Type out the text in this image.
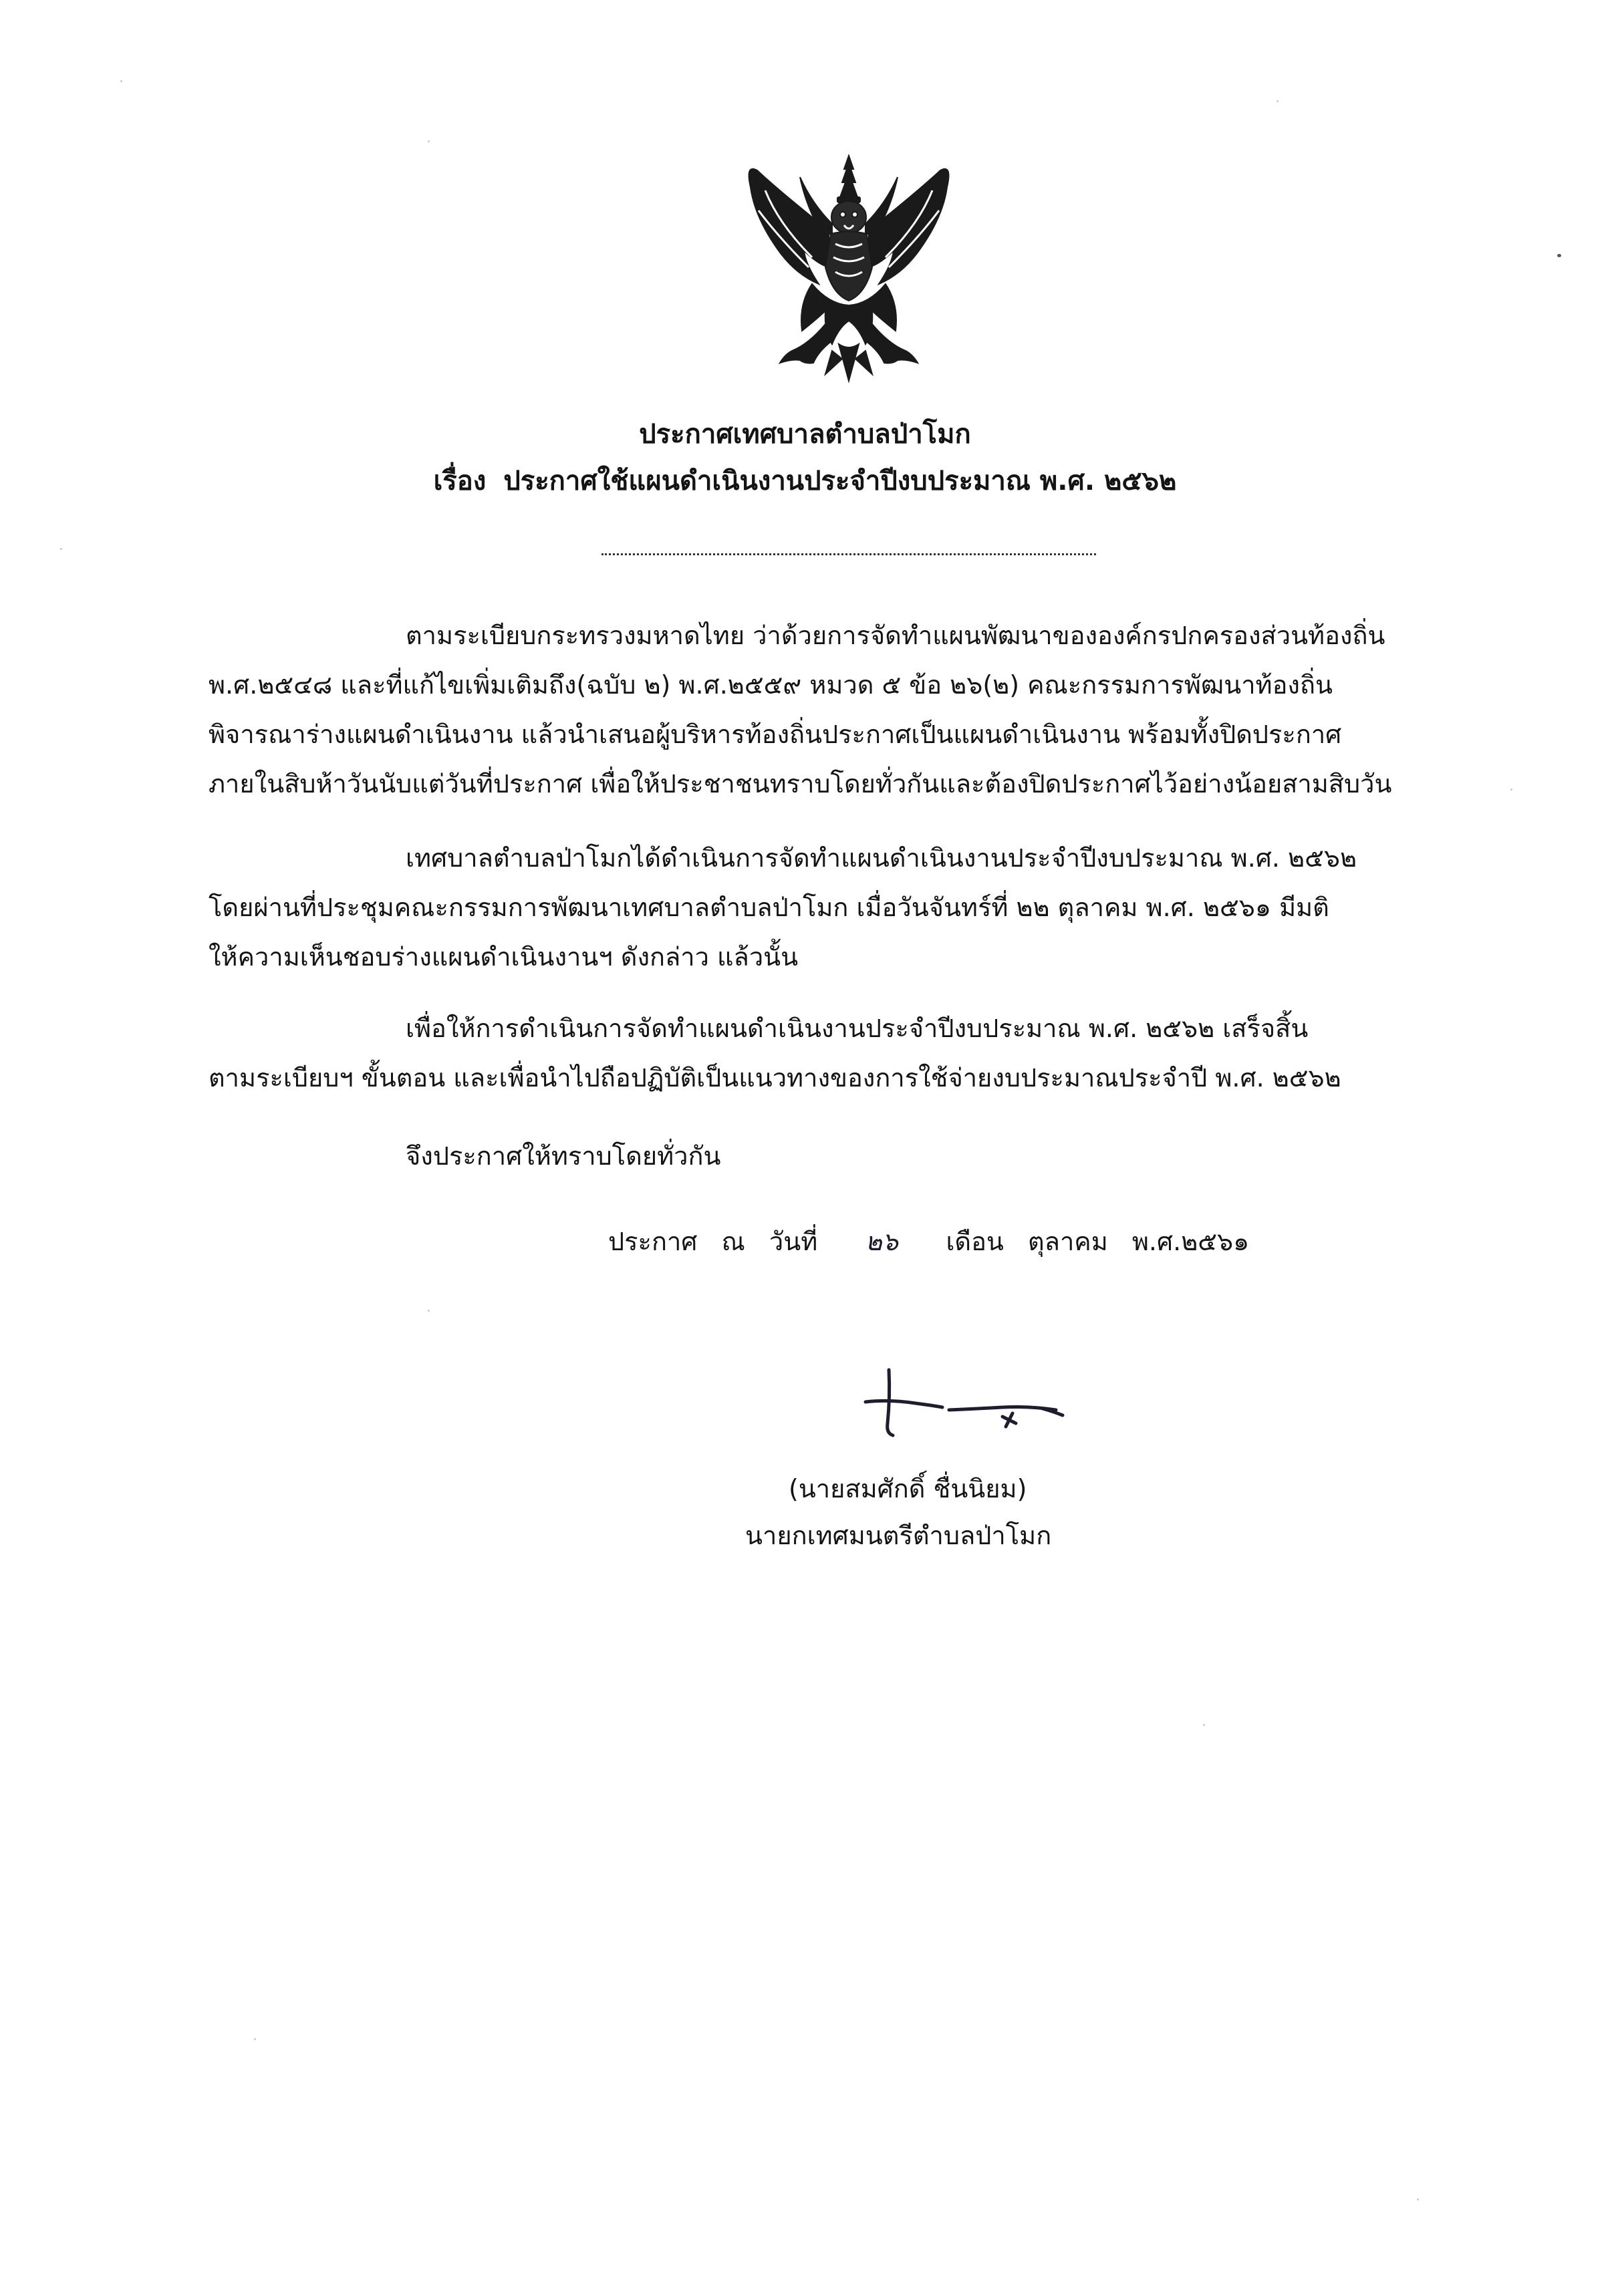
ประกาศเทศบาลตำบลป่าโมก
เรื่อง ประกาศใช้แผนดำเนินงานประจำปีงบประมาณ พ.ศ. ๒๕๖๒
ตามระเบียบกระทรวงมหาดไทย ว่าด้วยการจัดทำแผนพัฒนาขององค์กรปกครองส่วนท้องถิ่น
พ.ศ.๒๕๔๘ และที่แก้ไขเพิ่มเติมถึง(ฉบับ ๒) พ.ศ.๒๕๕๙ หมวด ๕ ข้อ ๒๖(๒) คณะกรรมการพัฒนาท้องถิ่น
พิจารณาร่างแผนดำเนินงาน แล้วนำเสนอผู้บริหารท้องถิ่นประกาศเป็นแผนดำเนินงาน พร้อมทั้งปิดประกาศ
ภายในสิบห้าวันนับแต่วันที่ประกาศ เพื่อให้ประชาชนทราบโดยทั่วกันและต้องปิดประกาศไว้อย่างน้อยสามสิบวัน
เทศบาลตำบลป่าโมกได้ดำเนินการจัดทำแผนดำเนินงานประจำปีงบประมาณ พ.ศ. ๒๕๖๒
โดยผ่านที่ประชุมคณะกรรมการพัฒนาเทศบาลตำบลป่าโมก เมื่อวันจันทร์ที่ ๒๒ ตุลาคม พ.ศ. ๒๕๖๑ มีมติ
ให้ความเห็นชอบร่างแผนดำเนินงานฯ ดังกล่าว แล้วนั้น
เพื่อให้การดำเนินการจัดทำแผนดำเนินงานประจำปีงบประมาณ พ.ศ. ๒๕๖๒ เสร็จสิ้น
ตามระเบียบฯ ขั้นตอน และเพื่อนำไปถือปฏิบัติเป็นแนวทางของการใช้จ่ายงบประมาณประจำปี พ.ศ. ๒๕๖๒
จึงประกาศให้ทราบโดยทั่วกัน
ประกาศ ณ วันที่ ๒๖ เดือน ตุลาคม พ.ศ.๒๕๖๑
(นายสมศักดิ์ ชื่นนิยม)
นายกเทศมนตรีตำบลป่าโมก
